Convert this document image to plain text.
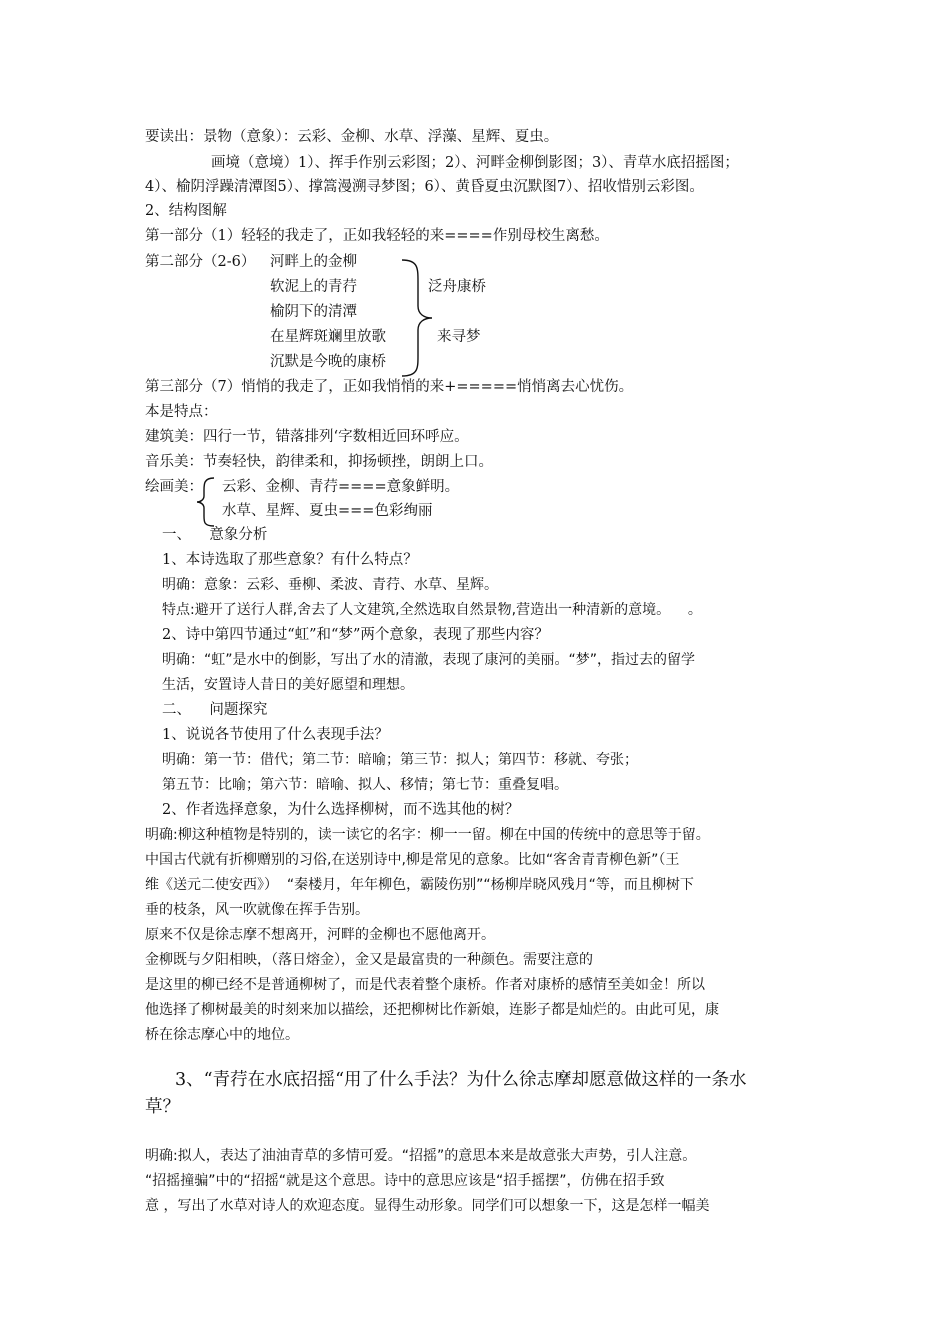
要读出：景物（意象）：云彩、金柳、水草、浮藻、星辉、夏虫。
画境（意境）1）、挥手作别云彩图；2）、河畔金柳倒影图；3）、青草水底招摇图；
4）、榆阴浮躁清潭图5）、撑篙漫溯寻梦图；6）、黄昏夏虫沉默图7）、招收惜别云彩图。
2、结构图解
第一部分（1）轻轻的我走了，正如我轻轻的来====作别母校生离愁。
第二部分（2-6） 河畔上的金柳
软泥上的青荇
榆阴下的清潭
在星辉斑斓里放歌
沉默是今晚的康桥
泛舟康桥
来寻梦
第三部分（7）悄悄的我走了，正如我悄悄的来+=====悄悄离去心忧伤。
本是特点：
建筑美：四行一节，错落排列‘字数相近回环呼应。
音乐美：节奏轻快，韵律柔和，抑扬顿挫，朗朗上口。
绘画美： 云彩、金柳、青荇====意象鲜明。
水草、星辉、夏虫===色彩绚丽
一、    意象分析
1、本诗选取了那些意象？有什么特点？
明确：意象：云彩、垂柳、柔波、青荇、水草、星辉。
特点:避开了送行人群,舍去了人文建筑,全然选取自然景物,营造出一种清新的意境。    。
2、诗中第四节通过“虹”和“梦”两个意象，表现了那些内容？
明确：“虹”是水中的倒影，写出了水的清澈，表现了康河的美丽。“梦”，指过去的留学
生活，安置诗人昔日的美好愿望和理想。
二、    问题探究
1、说说各节使用了什么表现手法？
明确：第一节：借代；第二节：暗喻；第三节：拟人；第四节：移就、夸张；
第五节：比喻；第六节：暗喻、拟人、移情；第七节：重叠复唱。
2、作者选择意象，为什么选择柳树，而不选其他的树？
明确:柳这种植物是特别的，读一读它的名字：柳一一留。柳在中国的传统中的意思等于留。
中国古代就有折柳赠别的习俗,在送别诗中,柳是常见的意象。比如“客舍青青柳色新”（王
维《送元二使安西》）  “秦楼月，年年柳色，霸陵伤别”“杨柳岸晓风残月“等，而且柳树下
垂的枝条，风一吹就像在挥手告别。
原来不仅是徐志摩不想离开，河畔的金柳也不愿他离开。
金柳既与夕阳相映，（落日熔金），金又是最富贵的一种颜色。需要注意的
是这里的柳已经不是普通柳树了，而是代表着整个康桥。作者对康桥的感情至美如金！所以
他选择了柳树最美的时刻来加以描绘，还把柳树比作新娘，连影子都是灿烂的。由此可见，康
桥在徐志摩心中的地位。
3、“青荇在水底招摇“用了什么手法？为什么徐志摩却愿意做这样的一条水
草？
明确:拟人，表达了油油青草的多情可爱。“招摇”的意思本来是故意张大声势，引人注意。
“招摇撞骗”中的“招摇“就是这个意思。诗中的意思应该是“招手摇摆”，仿佛在招手致
意 ，写出了水草对诗人的欢迎态度。显得生动形象。同学们可以想象一下，这是怎样一幅美
